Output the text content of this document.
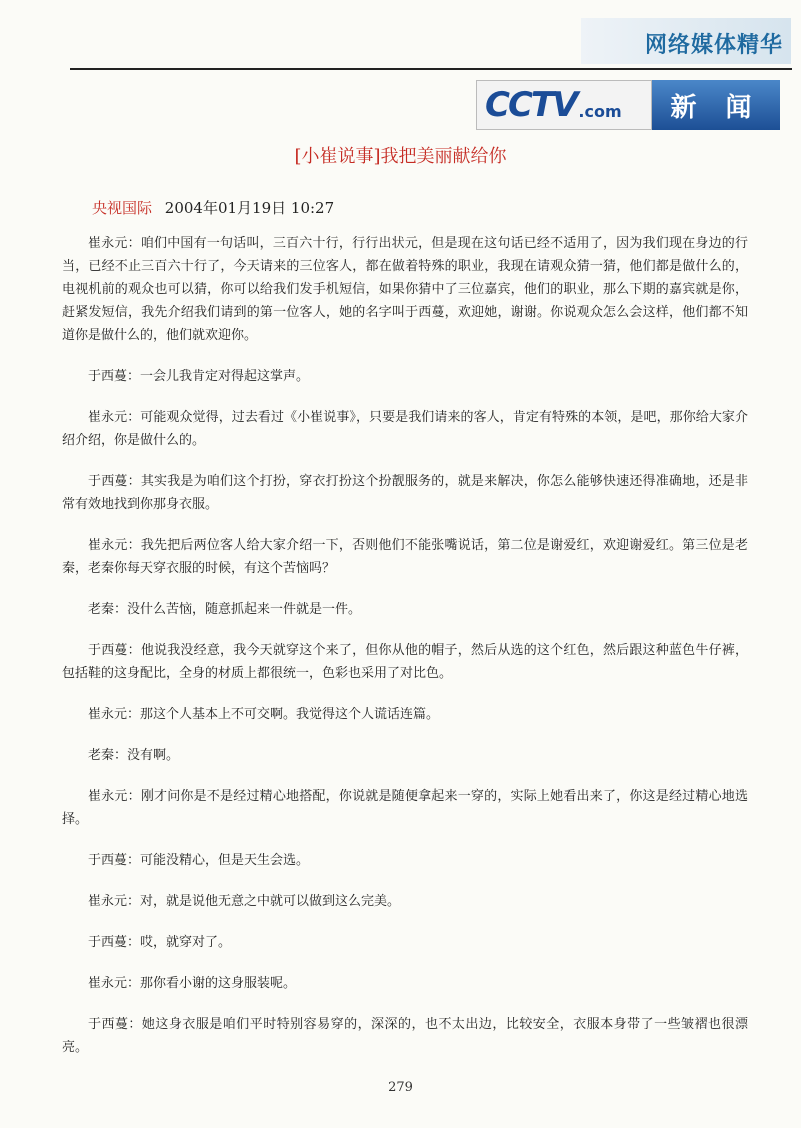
网络媒体精华
CCTV .com	新 闻
[小崔说事]我把美丽献给你
央视国际 2004年01月19日 10:27

崔永元：咱们中国有一句话叫，三百六十行，行行出状元，但是现在这句话已经不适用了，因为我们现在身边的行当，已经不止三百六十行了，今天请来的三位客人，都在做着特殊的职业，我现在请观众猜一猜，他们都是做什么的，电视机前的观众也可以猜，你可以给我们发手机短信，如果你猜中了三位嘉宾，他们的职业，那么下期的嘉宾就是你，赶紧发短信，我先介绍我们请到的第一位客人，她的名字叫于西蔓，欢迎她，谢谢。你说观众怎么会这样，他们都不知道你是做什么的，他们就欢迎你。

于西蔓：一会儿我肯定对得起这掌声。

崔永元：可能观众觉得，过去看过《小崔说事》，只要是我们请来的客人，肯定有特殊的本领，是吧，那你给大家介绍介绍，你是做什么的。

于西蔓：其实我是为咱们这个打扮，穿衣打扮这个扮靓服务的，就是来解决，你怎么能够快速还得准确地，还是非常有效地找到你那身衣服。

崔永元：我先把后两位客人给大家介绍一下，否则他们不能张嘴说话，第二位是谢爱红，欢迎谢爱红。第三位是老秦，老秦你每天穿衣服的时候，有这个苦恼吗？

老秦：没什么苦恼，随意抓起来一件就是一件。

于西蔓：他说我没经意，我今天就穿这个来了，但你从他的帽子，然后从选的这个红色，然后跟这种蓝色牛仔裤，包括鞋的这身配比，全身的材质上都很统一，色彩也采用了对比色。

崔永元：那这个人基本上不可交啊。我觉得这个人谎话连篇。

老秦：没有啊。

崔永元：刚才问你是不是经过精心地搭配，你说就是随便拿起来一穿的，实际上她看出来了，你这是经过精心地选择。

于西蔓：可能没精心，但是天生会选。

崔永元：对，就是说他无意之中就可以做到这么完美。

于西蔓：哎，就穿对了。

崔永元：那你看小谢的这身服装呢。

于西蔓：她这身衣服是咱们平时特别容易穿的，深深的，也不太出边，比较安全，衣服本身带了一些皱褶也很漂亮。

279
